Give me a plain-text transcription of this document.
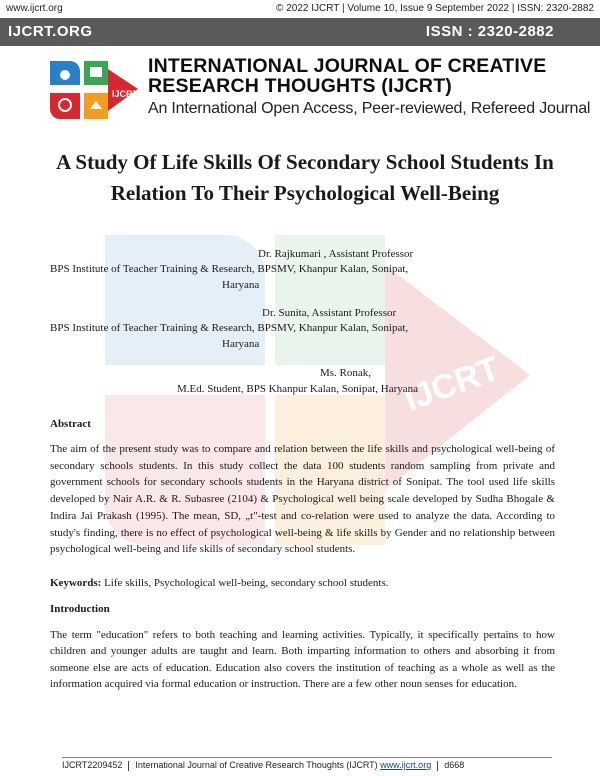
www.ijcrt.org	© 2022 IJCRT | Volume 10, Issue 9 September 2022 | ISSN: 2320-2882
IJCRT.ORG	ISSN : 2320-2882
IJCRT
INTERNATIONAL JOURNAL OF CREATIVE
RESEARCH THOUGHTS (IJCRT)
An International Open Access, Peer-reviewed, Refereed Journal
IJCRT
A Study Of Life Skills Of Secondary School Students In Relation To Their Psychological Well-Being
Dr. Rajkumari , Assistant Professor
BPS Institute of Teacher Training & Research, BPSMV, Khanpur Kalan, Sonipat,
Haryana
Dr. Sunita, Assistant Professor
BPS Institute of Teacher Training & Research, BPSMV, Khanpur Kalan, Sonipat,
Haryana
Ms. Ronak,
M.Ed. Student, BPS Khanpur Kalan, Sonipat, Haryana
Abstract
The aim of the present study was to compare and relation between the life skills and psychological well-being of secondary schools students. In this study collect the data 100 students random sampling from private and government schools for secondary schools students in the Haryana district of Sonipat. The tool used life skills developed by Nair A.R. & R. Subasree (2104) & Psychological well being scale developed by Sudha Bhogale & Indira Jai Prakash (1995). The mean, SD, „t"-test and co-relation were used to analyze the data. According to study's finding, there is no effect of psychological well-being & life skills by Gender and no relationship between psychological well-being and life skills of secondary school students.
Keywords: Life skills, Psychological well-being, secondary school students.
Introduction
The term "education" refers to both teaching and learning activities. Typically, it specifically pertains to how children and younger adults are taught and learn. Both imparting information to others and absorbing it from someone else are acts of education. Education also covers the institution of teaching as a whole as well as the information acquired via formal education or instruction. There are a few other noun senses for education.
IJCRT2209452 International Journal of Creative Research Thoughts (IJCRT) www.ijcrt.org d668
